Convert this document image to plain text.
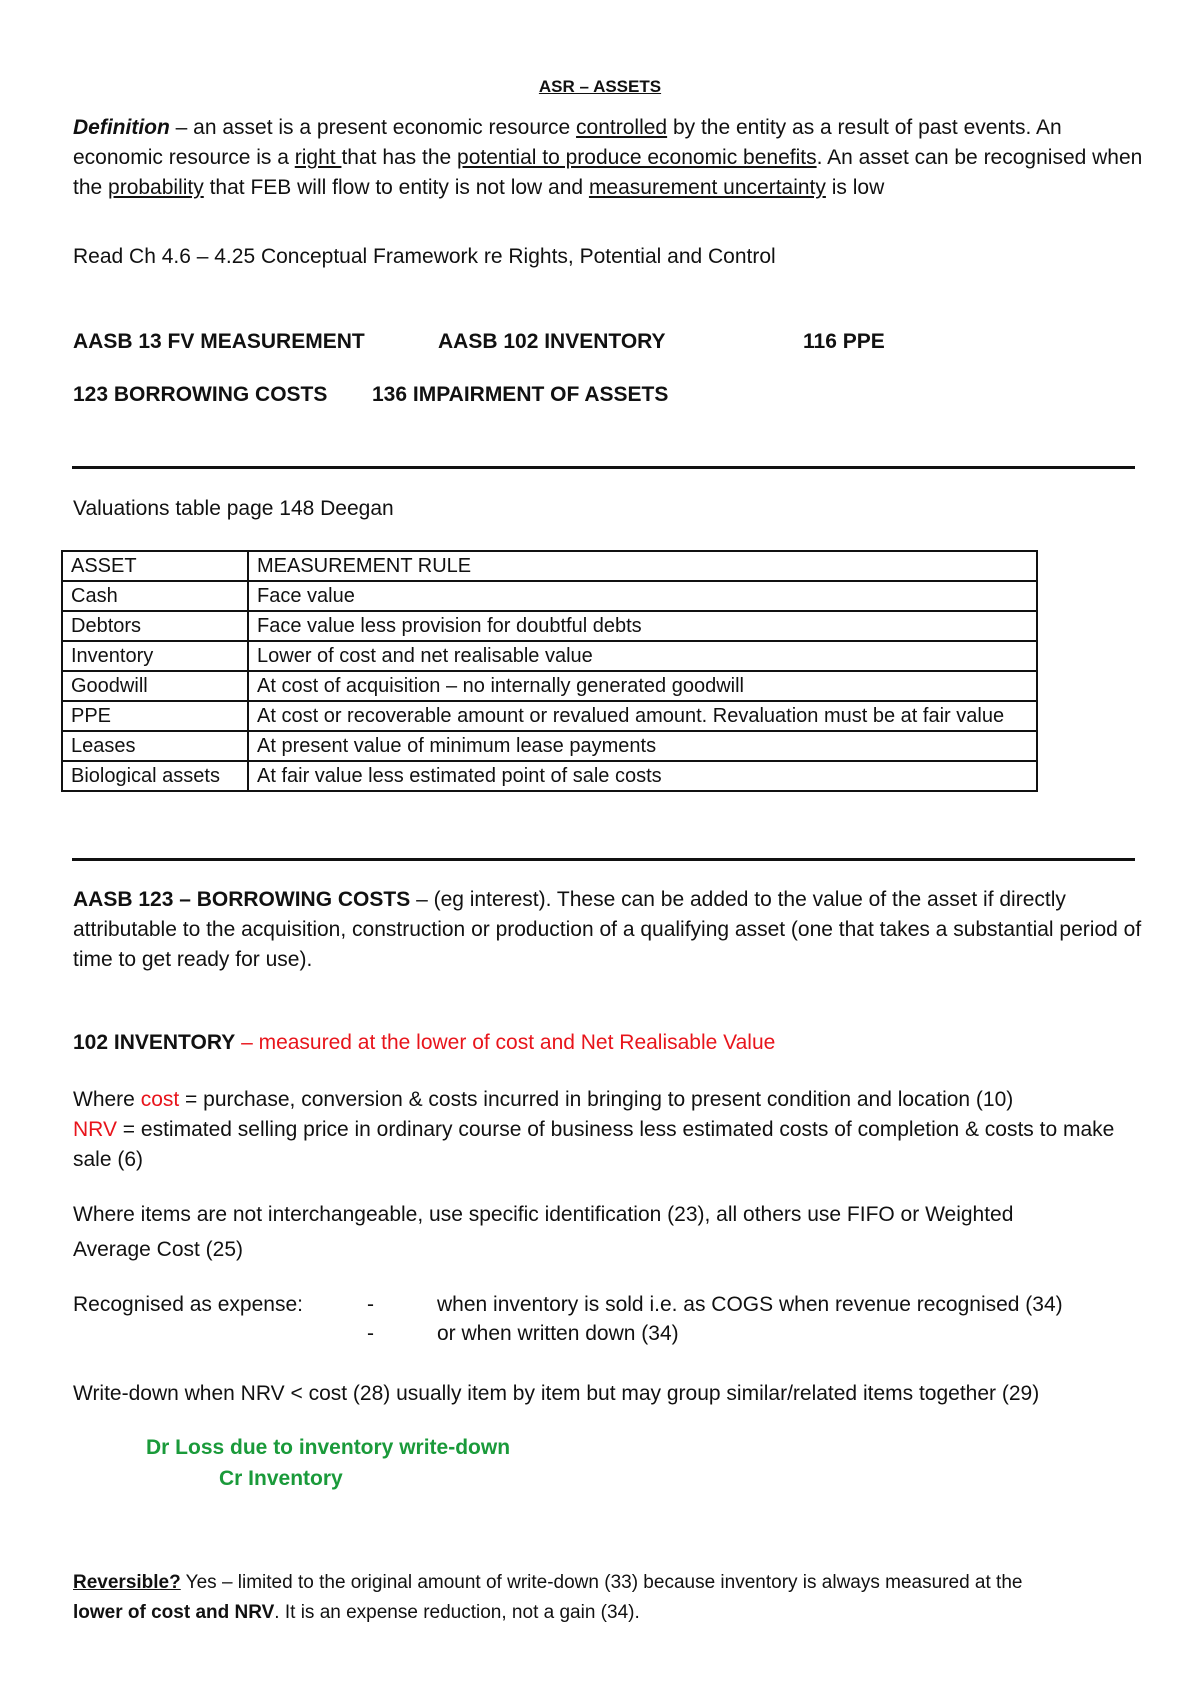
ASR – ASSETS
Definition – an asset is a present economic resource controlled by the entity as a result of past events. An economic resource is a right that has the potential to produce economic benefits. An asset can be recognised when the probability that FEB will flow to entity is not low and measurement uncertainty is low
Read Ch 4.6 – 4.25 Conceptual Framework re Rights, Potential and Control
AASB 13 FV MEASUREMENT	AASB 102 INVENTORY	116 PPE
123 BORROWING COSTS 136 IMPAIRMENT OF ASSETS
Valuations table page 148 Deegan
ASSET	MEASUREMENT RULE
Cash	Face value
Debtors	Face value less provision for doubtful debts
Inventory	Lower of cost and net realisable value
Goodwill	At cost of acquisition – no internally generated goodwill
PPE	At cost or recoverable amount or revalued amount. Revaluation must be at fair value
Leases	At present value of minimum lease payments
Biological assets	At fair value less estimated point of sale costs
AASB 123 – BORROWING COSTS – (eg interest). These can be added to the value of the asset if directly attributable to the acquisition, construction or production of a qualifying asset (one that takes a substantial period of time to get ready for use).
102 INVENTORY – measured at the lower of cost and Net Realisable Value
Where cost = purchase, conversion & costs incurred in bringing to present condition and location (10)
NRV = estimated selling price in ordinary course of business less estimated costs of completion & costs to make sale (6)
Where items are not interchangeable, use specific identification (23), all others use FIFO or Weighted
Average Cost (25)
Recognised as expense:	-	when inventory is sold i.e. as COGS when revenue recognised (34)
-	or when written down (34)
Write-down when NRV < cost (28) usually item by item but may group similar/related items together (29)
Dr Loss due to inventory write-down
Cr Inventory
Reversible? Yes – limited to the original amount of write-down (33) because inventory is always measured at the
lower of cost and NRV. It is an expense reduction, not a gain (34).
